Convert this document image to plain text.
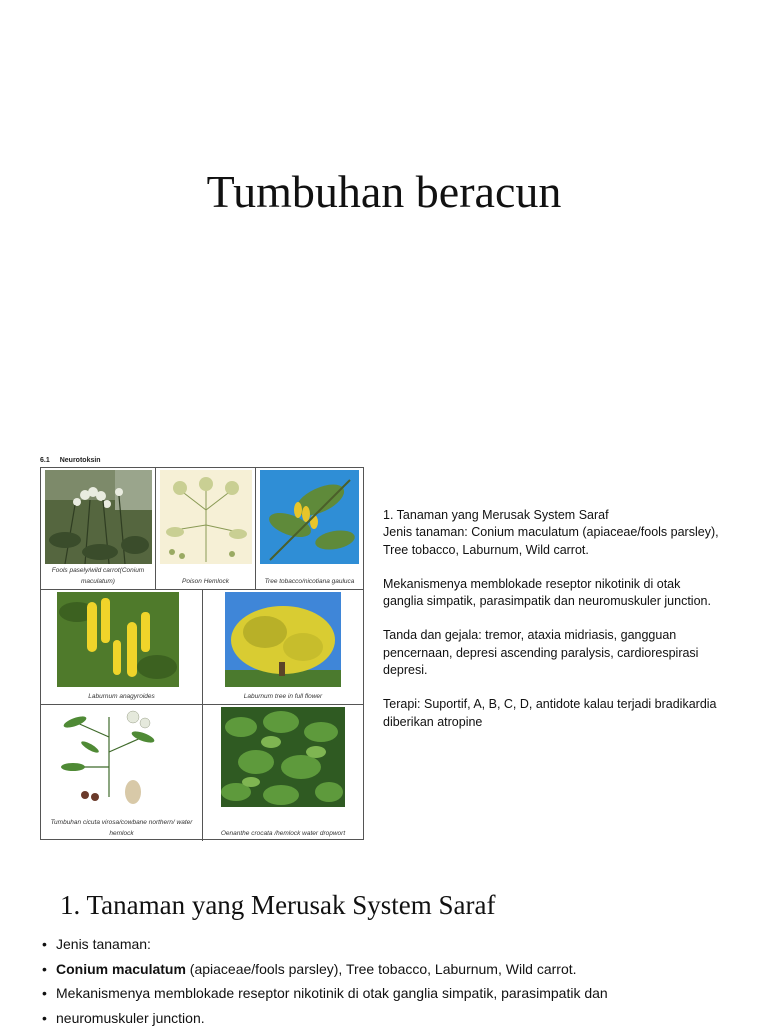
Tumbuhan beracun
6.1 Neurotoksin
Fools pasely/wild carrot(Conium maculatum)	Poison Hemlock	Tree tobacco/nicotiana gauluca
Laburnum anagyroides	Laburnum tree in full flower
Tumbuhan cicuta virosa/cowbane northern/ water hemlock	Oenanthe crocata /hemlock water dropwort
1. Tanaman yang Merusak System Saraf

Jenis tanaman: Conium maculatum (apiaceae/fools parsley), Tree tobacco, Laburnum, Wild carrot.

Mekanismenya memblokade reseptor nikotinik di otak ganglia simpatik, parasimpatik dan neuromuskuler junction.

Tanda dan gejala: tremor, ataxia midriasis, gangguan pencernaan, depresi ascending paralysis, cardiorespirasi depresi.

Terapi: Suportif, A, B, C, D, antidote kalau terjadi bradikardia diberikan atropine

1. Tanaman yang Merusak System Saraf
• Jenis tanaman:
• Conium maculatum (apiaceae/fools parsley), Tree tobacco, Laburnum, Wild carrot.
• Mekanismenya memblokade reseptor nikotinik di otak ganglia simpatik, parasimpatik dan
• neuromuskuler junction.
